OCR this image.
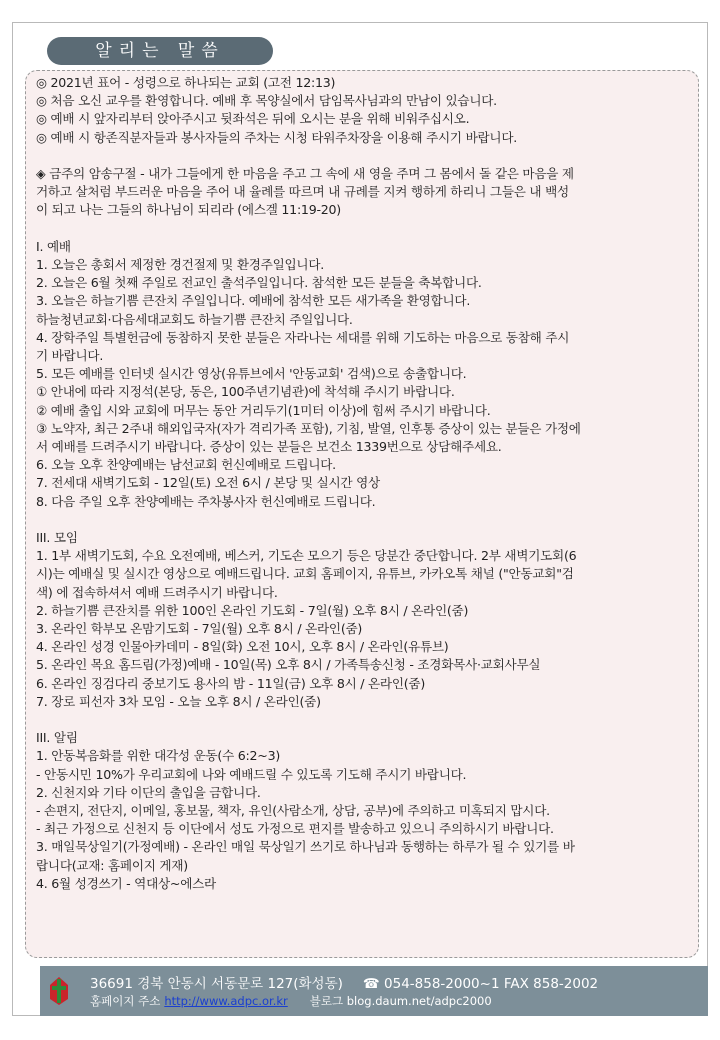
알리는 말씀
◎ 2021년 표어 - 성령으로 하나되는 교회 (고전 12:13)
◎ 처음 오신 교우를 환영합니다. 예배 후 목양실에서 담임목사님과의 만남이 있습니다.
◎ 예배 시 앞자리부터 앉아주시고 뒷좌석은 뒤에 오시는 분을 위해 비워주십시오.
◎ 예배 시 항존직분자들과 봉사자들의 주차는 시청 타워주차장을 이용해 주시기 바랍니다.
◈ 금주의 암송구절 - 내가 그들에게 한 마음을 주고 그 속에 새 영을 주며 그 몸에서 돌 같은 마음을 제
거하고 살처럼 부드러운 마음을 주어 내 율례를 따르며 내 규례를 지켜 행하게 하리니 그들은 내 백성
이 되고 나는 그들의 하나님이 되리라 (에스겔 11:19-20)
I. 예배
1. 오늘은 총회서 제정한 경건절제 및 환경주일입니다.
2. 오늘은 6월 첫째 주일로 전교인 출석주일입니다. 참석한 모든 분들을 축복합니다.
3. 오늘은 하늘기쁨 큰잔치 주일입니다. 예배에 참석한 모든 새가족을 환영합니다.
하늘청년교회·다음세대교회도 하늘기쁨 큰잔치 주일입니다.
4. 장학주일 특별헌금에 동참하지 못한 분들은 자라나는 세대를 위해 기도하는 마음으로 동참해 주시
기 바랍니다.
5. 모든 예배를 인터넷 실시간 영상(유튜브에서 '안동교회' 검색)으로 송출합니다.
① 안내에 따라 지정석(본당, 동은, 100주년기념관)에 착석해 주시기 바랍니다.
② 예배 출입 시와 교회에 머무는 동안 거리두기(1미터 이상)에 힘써 주시기 바랍니다.
③ 노약자, 최근 2주내 해외입국자(자가 격리가족 포함), 기침, 발열, 인후통 증상이 있는 분들은 가정에
서 예배를 드려주시기 바랍니다. 증상이 있는 분들은 보건소 1339번으로 상담해주세요.
6. 오늘 오후 찬양예배는 남선교회 헌신예배로 드립니다.
7. 전세대 새벽기도회 - 12일(토) 오전 6시 / 본당 및 실시간 영상
8. 다음 주일 오후 찬양예배는 주차봉사자 헌신예배로 드립니다.
III. 모임
1. 1부 새벽기도회, 수요 오전예배, 베스커, 기도손 모으기 등은 당분간 중단합니다. 2부 새벽기도회(6
시)는 예배실 및 실시간 영상으로 예배드립니다. 교회 홈페이지, 유튜브, 카카오톡 채널 ("안동교회"검
색) 에 접속하셔서 예배 드려주시기 바랍니다.
2. 하늘기쁨 큰잔치를 위한 100인 온라인 기도회 - 7일(월) 오후 8시 / 온라인(줌)
3. 온라인 학부모 온맘기도회 - 7일(월) 오후 8시 / 온라인(줌)
4. 온라인 성경 인물아카데미 - 8일(화) 오전 10시, 오후 8시 / 온라인(유튜브)
5. 온라인 목요 홈드림(가정)예배 - 10일(목) 오후 8시 / 가족특송신청 - 조경화목사·교회사무실
6. 온라인 징검다리 중보기도 용사의 밤 - 11일(금) 오후 8시 / 온라인(줌)
7. 장로 피선자 3차 모임 - 오늘 오후 8시 / 온라인(줌)
III. 알림
1. 안동복음화를 위한 대각성 운동(수 6:2~3)
- 안동시민 10%가 우리교회에 나와 예배드릴 수 있도록 기도해 주시기 바랍니다.
2. 신천지와 기타 이단의 출입을 금합니다.
- 손편지, 전단지, 이메일, 홍보물, 책자, 유인(사람소개, 상담, 공부)에 주의하고 미혹되지 맙시다.
- 최근 가정으로 신천지 등 이단에서 성도 가정으로 편지를 발송하고 있으니 주의하시기 바랍니다.
3. 매일묵상일기(가정예배) - 온라인 매일 묵상일기 쓰기로 하나님과 동행하는 하루가 될 수 있기를 바
랍니다(교재: 홈페이지 게재)
4. 6월 성경쓰기 - 역대상~에스라
36691 경북 안동시 서동문로 127(화성동) ☎ 054-858-2000~1 FAX 858-2002
홈페이지 주소 http://www.adpc.or.kr 블로그 blog.daum.net/adpc2000
